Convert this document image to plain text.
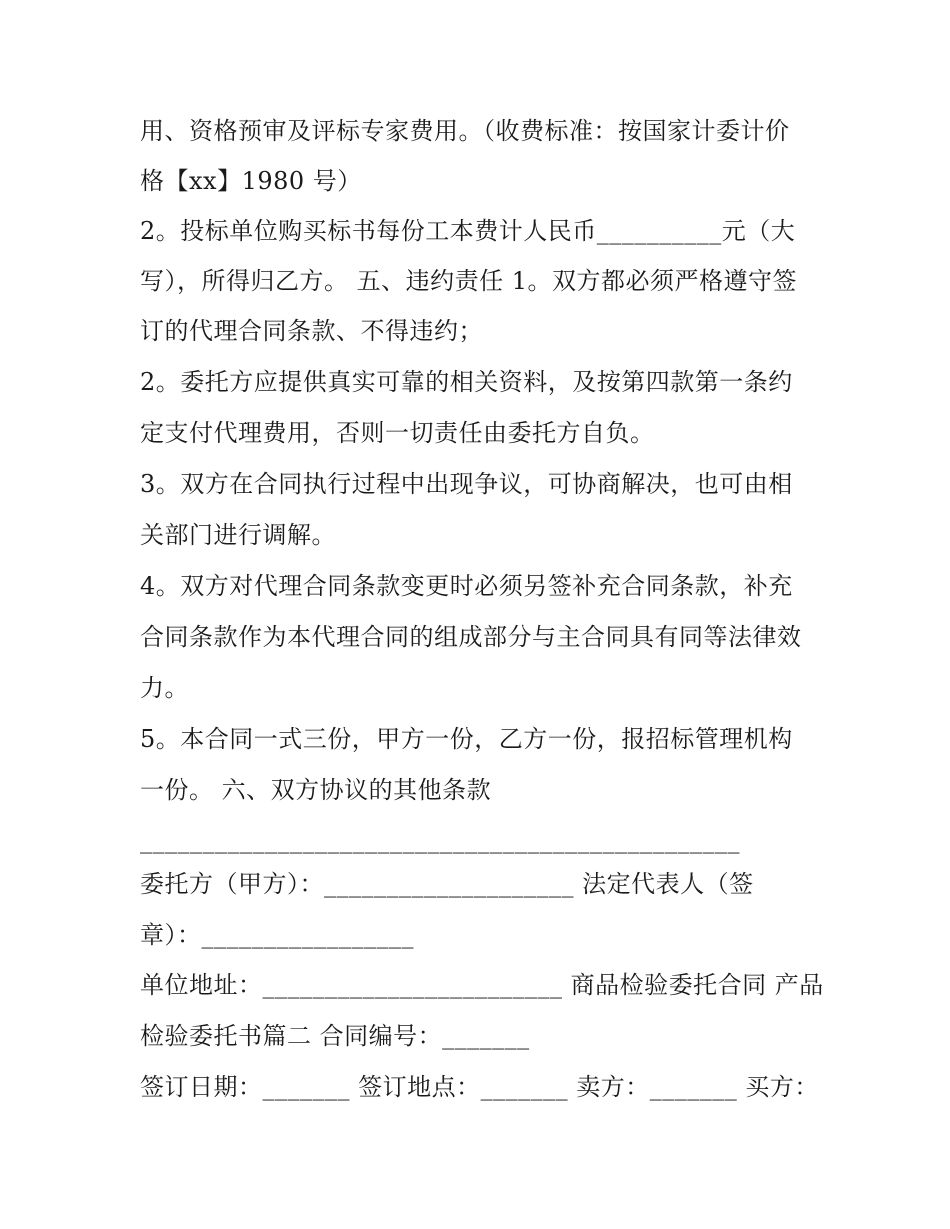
用、资格预审及评标专家费用。（收费标准：按国家计委计价
格【xx】1980 号）
2。投标单位购买标书每份工本费计人民币__________元（大
写），所得归乙方。 五、违约责任 1。双方都必须严格遵守签
订的代理合同条款、不得违约；
2。委托方应提供真实可靠的相关资料，及按第四款第一条约
定支付代理费用，否则一切责任由委托方自负。
3。双方在合同执行过程中出现争议，可协商解决，也可由相
关部门进行调解。
4。双方对代理合同条款变更时必须另签补充合同条款，补充
合同条款作为本代理合同的组成部分与主合同具有同等法律效
力。
5。本合同一式三份，甲方一份，乙方一份，报招标管理机构
一份。 六、双方协议的其他条款
________________________________________________
委托方（甲方）：____________________ 法定代表人（签
章）：_________________
单位地址：________________________ 商品检验委托合同 产品
检验委托书篇二 合同编号：_______
签订日期：_______ 签订地点：_______ 卖方：_______ 买方：
